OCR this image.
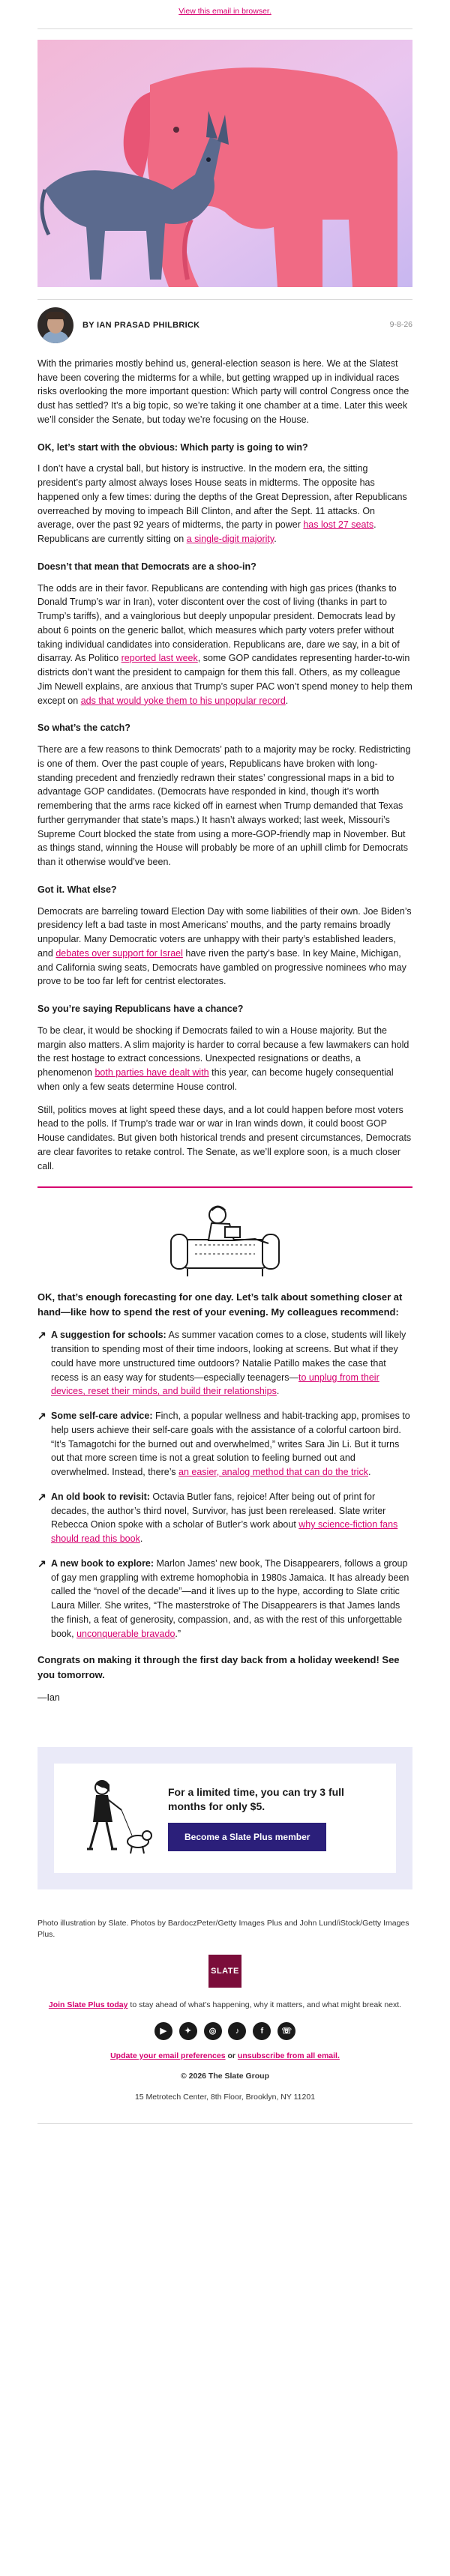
View this email in browser.
BY IAN PRASAD PHILBRICK	9-8-26

With the primaries mostly behind us, general-election season is here. We at the Slatest have been covering the midterms for a while, but getting wrapped up in individual races risks overlooking the more important question: Which party will control Congress once the dust has settled? It’s a big topic, so we’re taking it one chamber at a time. Later this week we’ll consider the Senate, but today we’re focusing on the House.

OK, let’s start with the obvious: Which party is going to win?

I don’t have a crystal ball, but history is instructive. In the modern era, the sitting president’s party almost always loses House seats in midterms. The opposite has happened only a few times: during the depths of the Great Depression, after Republicans overreached by moving to impeach Bill Clinton, and after the Sept. 11 attacks. On average, over the past 92 years of midterms, the party in power has lost 27 seats. Republicans are currently sitting on a single-digit majority.

Doesn’t that mean that Democrats are a shoo-in?

The odds are in their favor. Republicans are contending with high gas prices (thanks to Donald Trump’s war in Iran), voter discontent over the cost of living (thanks in part to Trump’s tariffs), and a vainglorious but deeply unpopular president. Democrats lead by about 6 points on the generic ballot, which measures which party voters prefer without taking individual candidates into consideration. Republicans are, dare we say, in a bit of disarray. As Politico reported last week, some GOP candidates representing harder-to-win districts don’t want the president to campaign for them this fall. Others, as my colleague Jim Newell explains, are anxious that Trump’s super PAC won’t spend money to help them except on ads that would yoke them to his unpopular record.

So what’s the catch?

There are a few reasons to think Democrats’ path to a majority may be rocky. Redistricting is one of them. Over the past couple of years, Republicans have broken with long-standing precedent and frenziedly redrawn their states’ congressional maps in a bid to advantage GOP candidates. (Democrats have responded in kind, though it’s worth remembering that the arms race kicked off in earnest when Trump demanded that Texas further gerrymander that state’s maps.) It hasn’t always worked; last week, Missouri’s Supreme Court blocked the state from using a more-GOP-friendly map in November. But as things stand, winning the House will probably be more of an uphill climb for Democrats than it otherwise would’ve been.

Got it. What else?

Democrats are barreling toward Election Day with some liabilities of their own. Joe Biden’s presidency left a bad taste in most Americans’ mouths, and the party remains broadly unpopular. Many Democratic voters are unhappy with their party’s established leaders, and debates over support for Israel have riven the party’s base. In key Maine, Michigan, and California swing seats, Democrats have gambled on progressive nominees who may prove to be too far left for centrist electorates.

So you’re saying Republicans have a chance?

To be clear, it would be shocking if Democrats failed to win a House majority. But the margin also matters. A slim majority is harder to corral because a few lawmakers can hold the rest hostage to extract concessions. Unexpected resignations or deaths, a phenomenon both parties have dealt with this year, can become hugely consequential when only a few seats determine House control.

Still, politics moves at light speed these days, and a lot could happen before most voters head to the polls. If Trump’s trade war or war in Iran winds down, it could boost GOP House candidates. But given both historical trends and present circumstances, Democrats are clear favorites to retake control. The Senate, as we’ll explore soon, is a much closer call.

OK, that’s enough forecasting for one day. Let’s talk about something closer at hand—like how to spend the rest of your evening. My colleagues recommend:

↗ A suggestion for schools: As summer vacation comes to a close, students will likely transition to spending most of their time indoors, looking at screens. But what if they could have more unstructured time outdoors? Natalie Patillo makes the case that recess is an easy way for students—especially teenagers—to unplug from their devices, reset their minds, and build their relationships.
↗ Some self-care advice: Finch, a popular wellness and habit-tracking app, promises to help users achieve their self-care goals with the assistance of a colorful cartoon bird. “It’s Tamagotchi for the burned out and overwhelmed,” writes Sara Jin Li. But it turns out that more screen time is not a great solution to feeling burned out and overwhelmed. Instead, there’s an easier, analog method that can do the trick.
↗ An old book to revisit: Octavia Butler fans, rejoice! After being out of print for decades, the author’s third novel, Survivor, has just been rereleased. Slate writer Rebecca Onion spoke with a scholar of Butler’s work about why science-fiction fans should read this book.
↗ A new book to explore: Marlon James’ new book, The Disappearers, follows a group of gay men grappling with extreme homophobia in 1980s Jamaica. It has already been called the “novel of the decade”—and it lives up to the hype, according to Slate critic Laura Miller. She writes, “The masterstroke of The Disappearers is that James lands the finish, a feat of generosity, compassion, and, as with the rest of this unforgettable book, unconquerable bravado.”

Congrats on making it through the first day back from a holiday weekend! See you tomorrow.

—Ian

For a limited time, you can try 3 full months for only $5.
Become a Slate Plus member

Photo illustration by Slate. Photos by BardoczPeter/Getty Images Plus and John Lund/iStock/Getty Images Plus.

SLATE

Join Slate Plus today to stay ahead of what’s happening, why it matters, and what might break next.

▶ ✦ ◎ ♪	f ☏

Update your email preferences or unsubscribe from all email.

© 2026 The Slate Group

15 Metrotech Center, 8th Floor, Brooklyn, NY 11201
